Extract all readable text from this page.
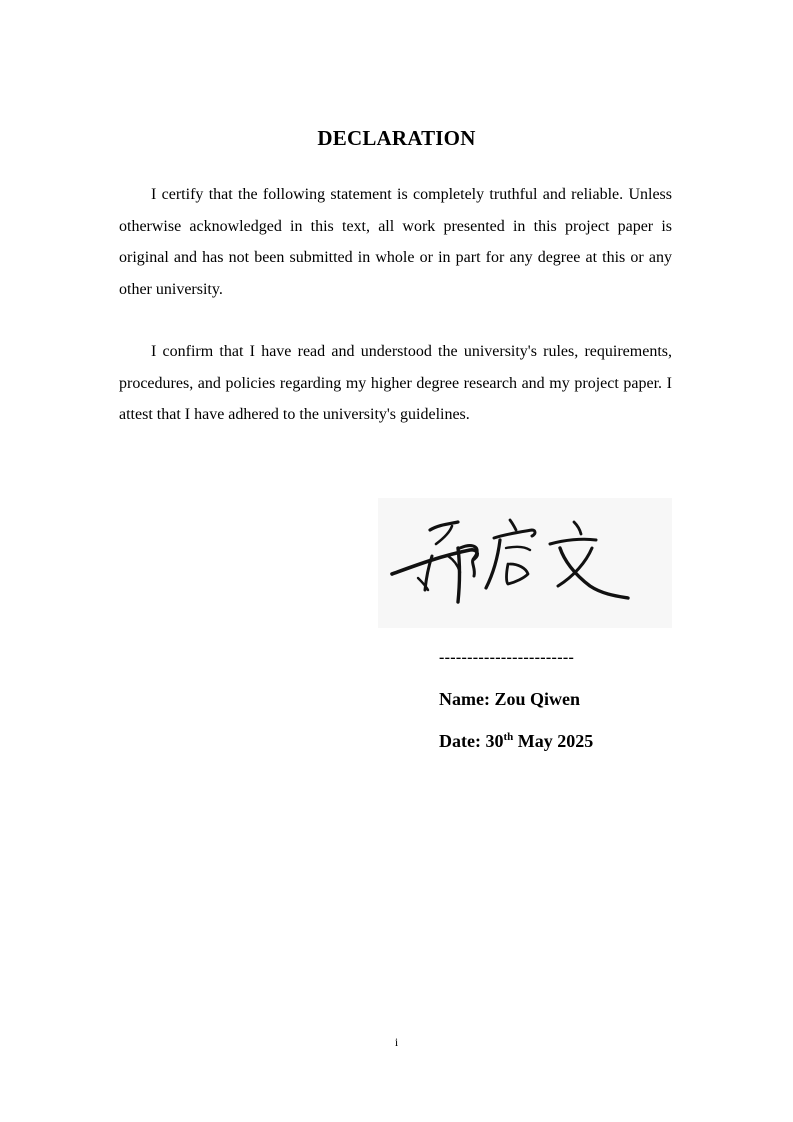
DECLARATION

I certify that the following statement is completely truthful and reliable. Unless otherwise acknowledged in this text, all work presented in this project paper is original and has not been submitted in whole or in part for any degree at this or any other university.

I confirm that I have read and understood the university's rules, requirements, procedures, and policies regarding my higher degree research and my project paper. I attest that I have adhered to the university's guidelines.

------------------------
Name: Zou Qiwen
Date: 30th May 2025
i
